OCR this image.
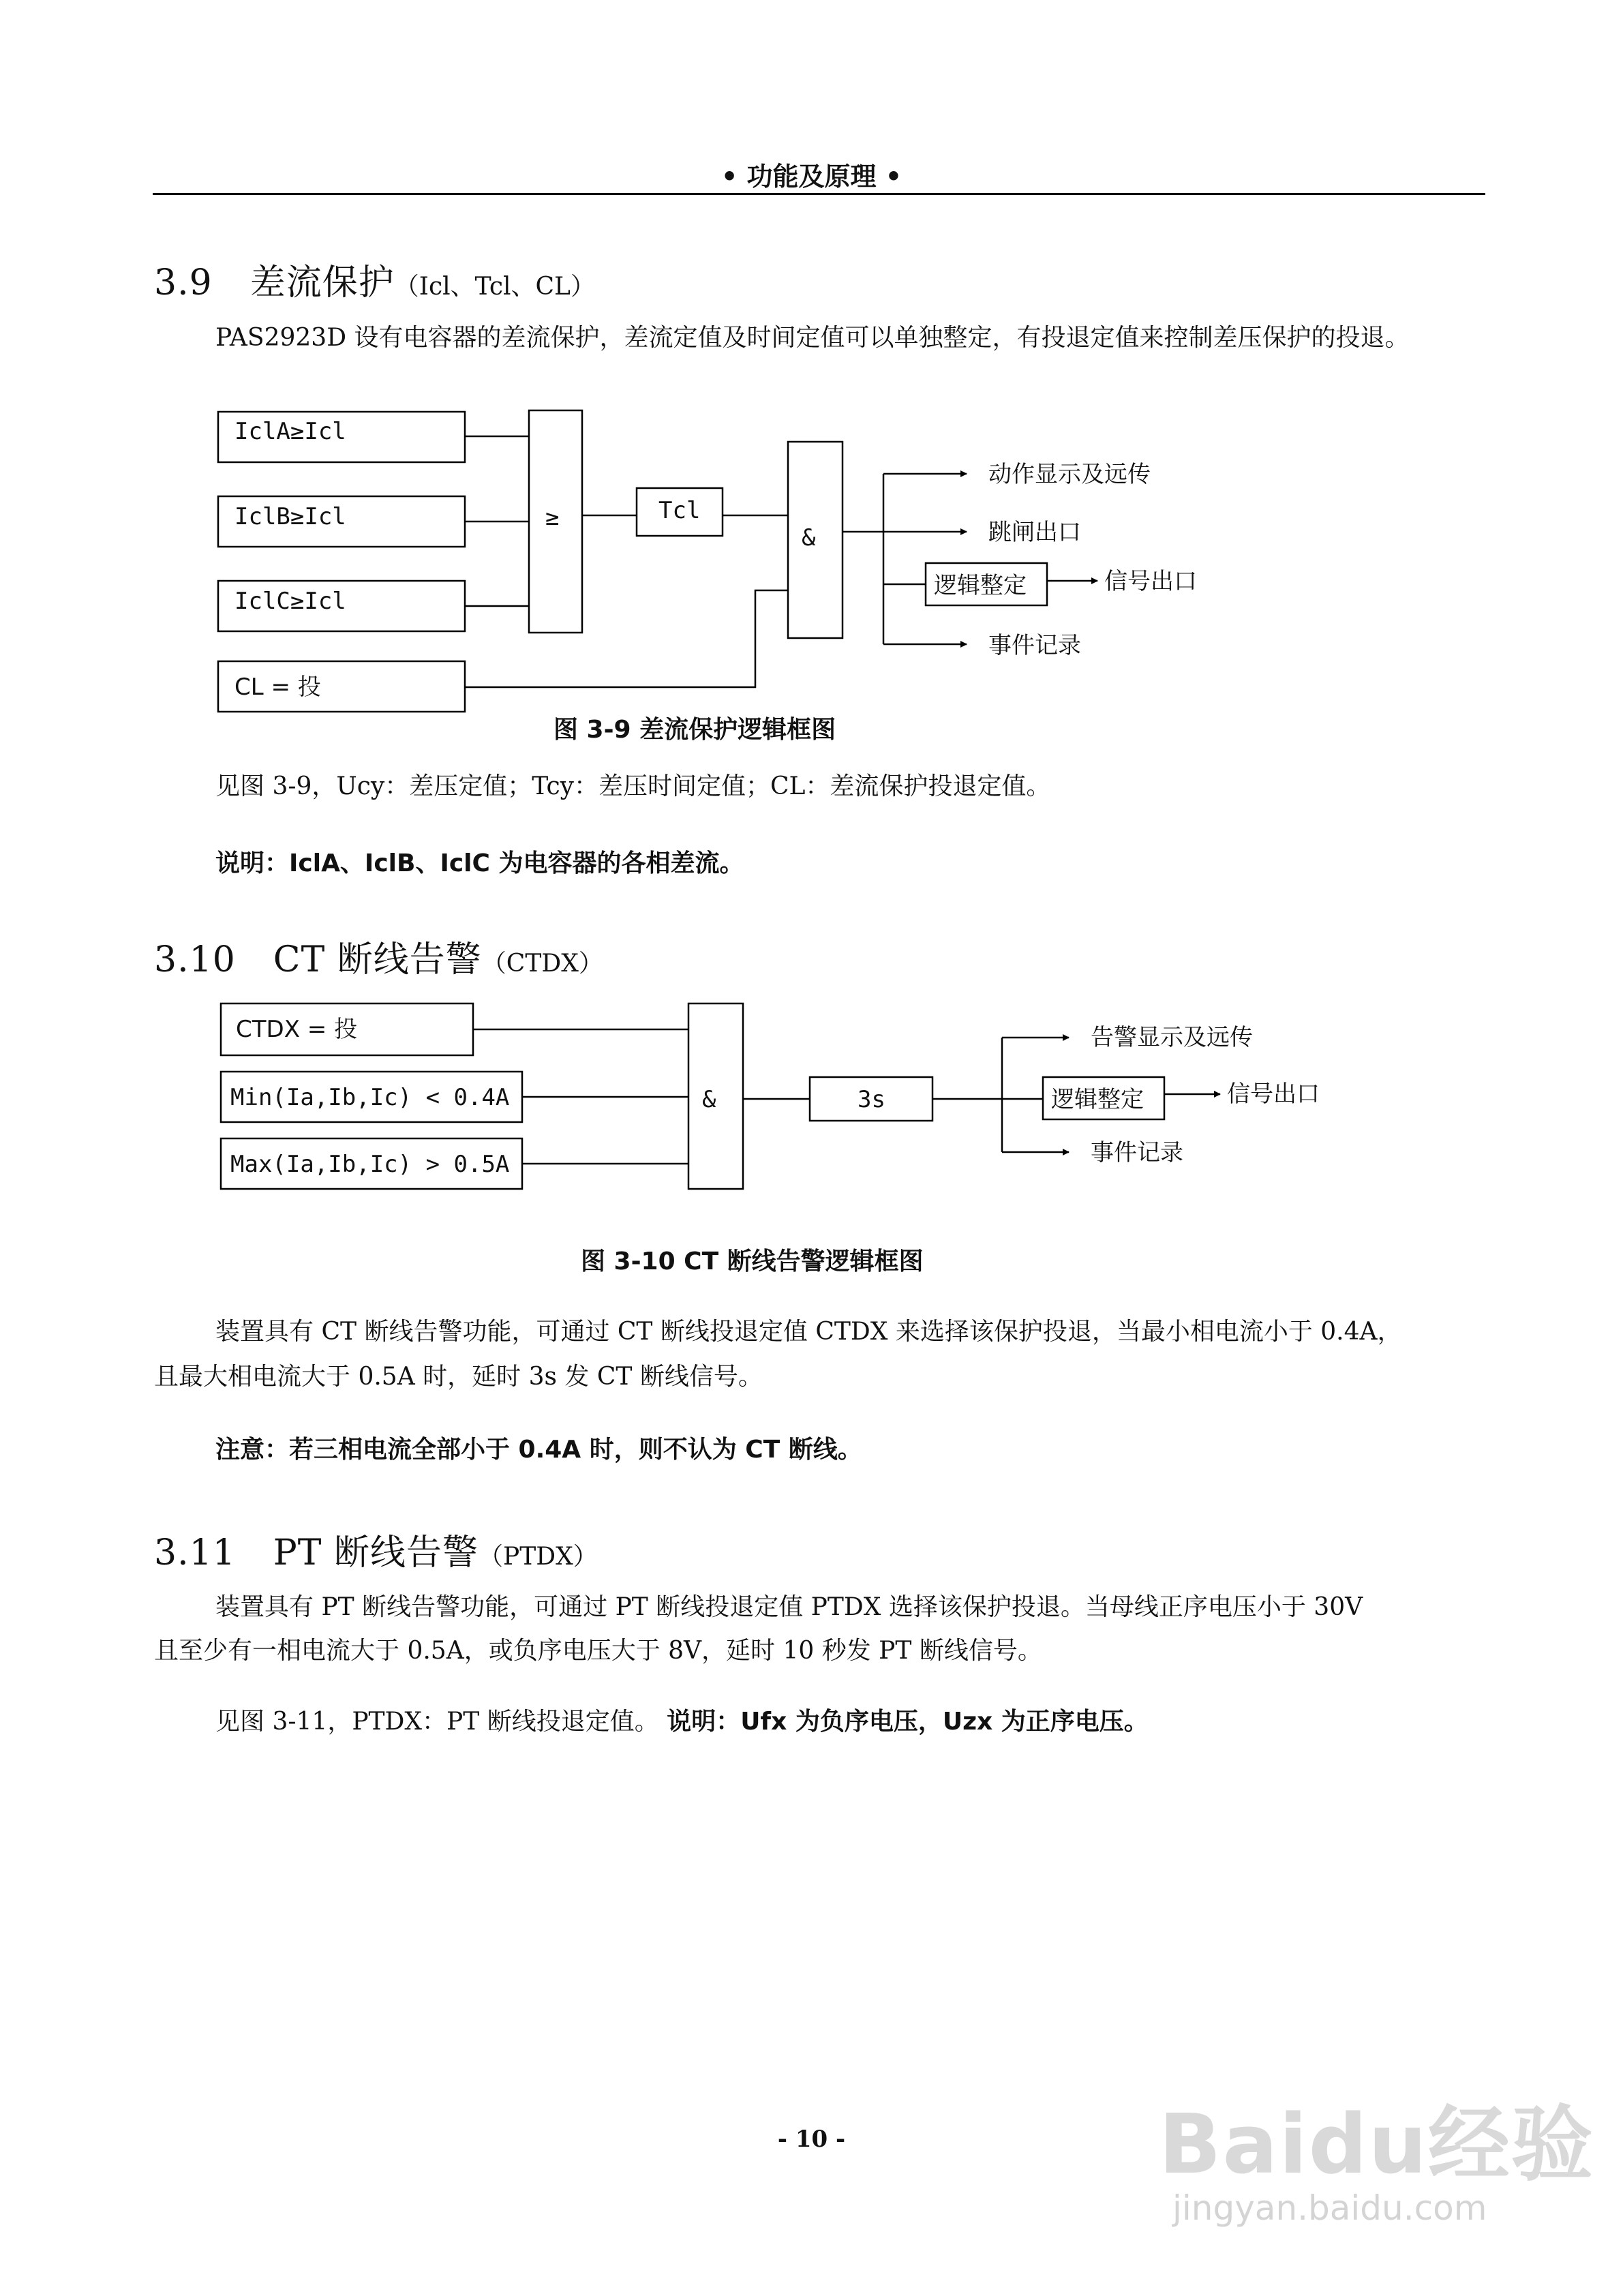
• 功能及原理 •
3.9 差流保护（Icl、Tcl、CL）
PAS2923D 设有电容器的差流保护，差流定值及时间定值可以单独整定，有投退定值来控制差压保护的投退。
IclA≥Icl
IclB≥Icl
IclC≥Icl
CL = 投
≥	Tcl
&
动作显示及远传
跳闸出口
逻辑整定	信号出口
事件记录
图 3-9 差流保护逻辑框图
见图 3-9，Ucy：差压定值；Tcy：差压时间定值；CL：差流保护投退定值。
说明：IclA、IclB、IclC 为电容器的各相差流。
3.10 CT 断线告警（CTDX）
CTDX = 投
Min(Ia,Ib,Ic) < 0.4A
Max(Ia,Ib,Ic) > 0.5A
&	3s
告警显示及远传
逻辑整定	信号出口
事件记录
图 3-10 CT 断线告警逻辑框图
装置具有 CT 断线告警功能，可通过 CT 断线投退定值 CTDX 来选择该保护投退，当最小相电流小于 0.4A，
且最大相电流大于 0.5A 时，延时 3s 发 CT 断线信号。
注意：若三相电流全部小于 0.4A 时，则不认为 CT 断线。
3.11 PT 断线告警（PTDX）
装置具有 PT 断线告警功能，可通过 PT 断线投退定值 PTDX 选择该保护投退。当母线正序电压小于 30V
且至少有一相电流大于 0.5A，或负序电压大于 8V，延时 10 秒发 PT 断线信号。
见图 3-11，PTDX：PT 断线投退定值。 说明：Ufx 为负序电压，Uzx 为正序电压。
- 10 -	Baidu经验
jingyan.baidu.com
